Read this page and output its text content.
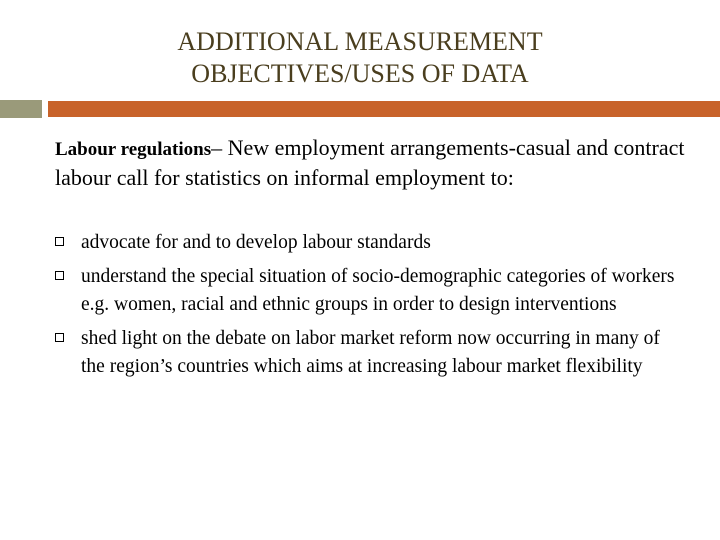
ADDITIONAL MEASUREMENT
OBJECTIVES/USES OF DATA
Labour regulations– New employment arrangements-casual and contract labour call for statistics on informal employment to:
advocate for and to develop labour standards
understand the special situation of socio-demographic categories of workers e.g. women, racial and ethnic groups in order to design interventions
shed light on the debate on labor market reform now occurring in many of the region’s countries which aims at increasing labour market flexibility
